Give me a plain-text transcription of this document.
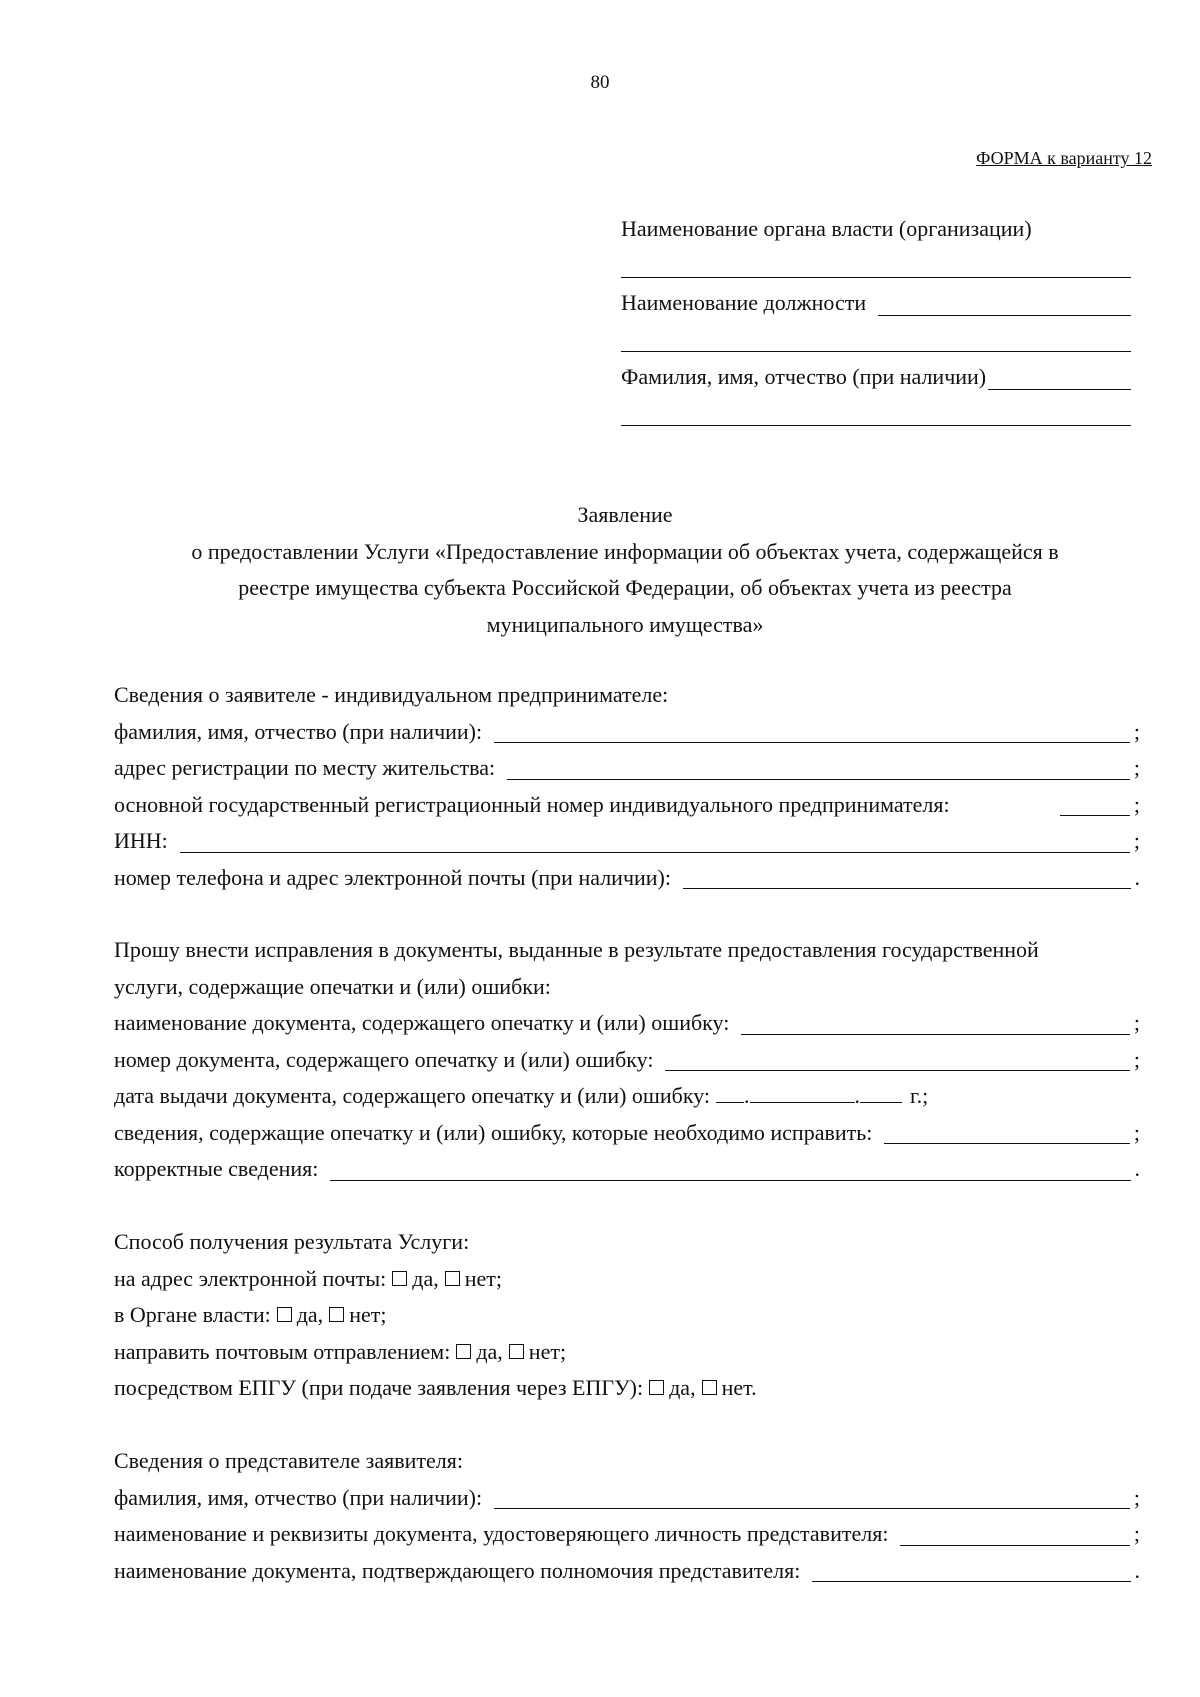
80
ФОРМА к варианту 12
Наименование органа власти (организации)
Наименование должности
Фамилия, имя, отчество (при наличии)
Заявление
о предоставлении Услуги «Предоставление информации об объектах учета, содержащейся в
реестре имущества субъекта Российской Федерации, об объектах учета из реестра
муниципального имущества»
Сведения о заявителе - индивидуальном предпринимателе:
фамилия, имя, отчество (при наличии):	;
адрес регистрации по месту жительства:	;
основной государственный регистрационный номер индивидуального предпринимателя:	;
ИНН:	;
номер телефона и адрес электронной почты (при наличии):	.
Прошу внести исправления в документы, выданные в результате предоставления государственной
услуги, содержащие опечатки и (или) ошибки:
наименование документа, содержащего опечатку и (или) ошибку:	;
номер документа, содержащего опечатку и (или) ошибку:	;
дата выдачи документа, содержащего опечатку и (или) ошибку: .	. г.;
сведения, содержащие опечатку и (или) ошибку, которые необходимо исправить:	;
корректные сведения:	.
Способ получения результата Услуги:
на адрес электронной почты: да, нет;
в Органе власти: да, нет;
направить почтовым отправлением: да, нет;
посредством ЕПГУ (при подаче заявления через ЕПГУ): да, нет.
Сведения о представителе заявителя:
фамилия, имя, отчество (при наличии):	;
наименование и реквизиты документа, удостоверяющего личность представителя:	;
наименование документа, подтверждающего полномочия представителя:	.
